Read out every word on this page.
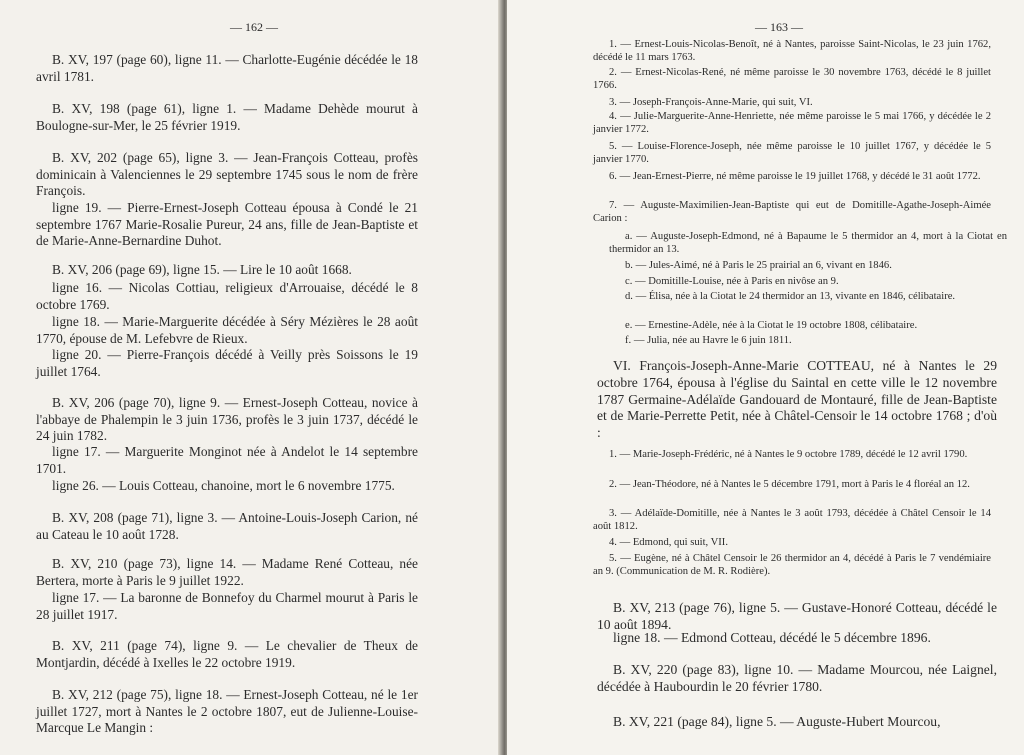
— 162 —
B. XV, 197 (page 60), ligne 11. — Charlotte-Eugénie décédée le 18 avril 1781.
B. XV, 198 (page 61), ligne 1. — Madame Dehède mourut à Boulogne-sur-Mer, le 25 février 1919.
B. XV, 202 (page 65), ligne 3. — Jean-François Cotteau, profès dominicain à Valenciennes le 29 septembre 1745 sous le nom de frère François.
ligne 19. — Pierre-Ernest-Joseph Cotteau épousa à Condé le 21 septembre 1767 Marie-Rosalie Pureur, 24 ans, fille de Jean-Baptiste et de Marie-Anne-Bernardine Duhot.
B. XV, 206 (page 69), ligne 15. — Lire le 10 août 1668.
ligne 16. — Nicolas Cottiau, religieux d'Arrouaise, décédé le 8 octobre 1769.
ligne 18. — Marie-Marguerite décédée à Séry Mézières le 28 août 1770, épouse de M. Lefebvre de Rieux.
ligne 20. — Pierre-François décédé à Veilly près Soissons le 19 juillet 1764.
B. XV, 206 (page 70), ligne 9. — Ernest-Joseph Cotteau, novice à l'abbaye de Phalempin le 3 juin 1736, profès le 3 juin 1737, décédé le 24 juin 1782.
ligne 17. — Marguerite Monginot née à Andelot le 14 septembre 1701.
ligne 26. — Louis Cotteau, chanoine, mort le 6 novembre 1775.
B. XV, 208 (page 71), ligne 3. — Antoine-Louis-Joseph Carion, né au Cateau le 10 août 1728.
B. XV, 210 (page 73), ligne 14. — Madame René Cotteau, née Bertera, morte à Paris le 9 juillet 1922.
ligne 17. — La baronne de Bonnefoy du Charmel mourut à Paris le 28 juillet 1917.
B. XV, 211 (page 74), ligne 9. — Le chevalier de Theux de Montjardin, décédé à Ixelles le 22 octobre 1919.
B. XV, 212 (page 75), ligne 18. — Ernest-Joseph Cotteau, né le 1er juillet 1727, mort à Nantes le 2 octobre 1807, eut de Julienne-Louise-Marcque Le Mangin :
— 163 —
1. — Ernest-Louis-Nicolas-Benoît, né à Nantes, paroisse Saint-Nicolas, le 23 juin 1762, décédé le 11 mars 1763.
2. — Ernest-Nicolas-René, né même paroisse le 30 novembre 1763, décédé le 8 juillet 1766.
3. — Joseph-François-Anne-Marie, qui suit, VI.
4. — Julie-Marguerite-Anne-Henriette, née même paroisse le 5 mai 1766, y décédée le 2 janvier 1772.
5. — Louise-Florence-Joseph, née même paroisse le 10 juillet 1767, y décédée le 5 janvier 1770.
6. — Jean-Ernest-Pierre, né même paroisse le 19 juillet 1768, y décédé le 31 août 1772.
7. — Auguste-Maximilien-Jean-Baptiste qui eut de Domitille-Agathe-Joseph-Aimée Carion :
a. — Auguste-Joseph-Edmond, né à Bapaume le 5 thermidor an 4, mort à la Ciotat en thermidor an 13.
b. — Jules-Aimé, né à Paris le 25 prairial an 6, vivant en 1846.
c. — Domitille-Louise, née à Paris en nivôse an 9.
d. — Élisa, née à la Ciotat le 24 thermidor an 13, vivante en 1846, célibataire.
e. — Ernestine-Adèle, née à la Ciotat le 19 octobre 1808, célibataire.
f. — Julia, née au Havre le 6 juin 1811.
VI. François-Joseph-Anne-Marie COTTEAU, né à Nantes le 29 octobre 1764, épousa à l'église du Saintal en cette ville le 12 novembre 1787 Germaine-Adélaïde Gandouard de Montauré, fille de Jean-Baptiste et de Marie-Perrette Petit, née à Châtel-Censoir le 14 octobre 1768 ; d'où :
1. — Marie-Joseph-Frédéric, né à Nantes le 9 octobre 1789, décédé le 12 avril 1790.
2. — Jean-Théodore, né à Nantes le 5 décembre 1791, mort à Paris le 4 floréal an 12.
3. — Adélaïde-Domitille, née à Nantes le 3 août 1793, décédée à Châtel Censoir le 14 août 1812.
4. — Edmond, qui suit, VII.
5. — Eugène, né à Châtel Censoir le 26 thermidor an 4, décédé à Paris le 7 vendémiaire an 9. (Communication de M. R. Rodière).
B. XV, 213 (page 76), ligne 5. — Gustave-Honoré Cotteau, décédé le 10 août 1894.
ligne 18. — Edmond Cotteau, décédé le 5 décembre 1896.
B. XV, 220 (page 83), ligne 10. — Madame Mourcou, née Laignel, décédée à Haubourdin le 20 février 1780.
B. XV, 221 (page 84), ligne 5. — Auguste-Hubert Mourcou,
